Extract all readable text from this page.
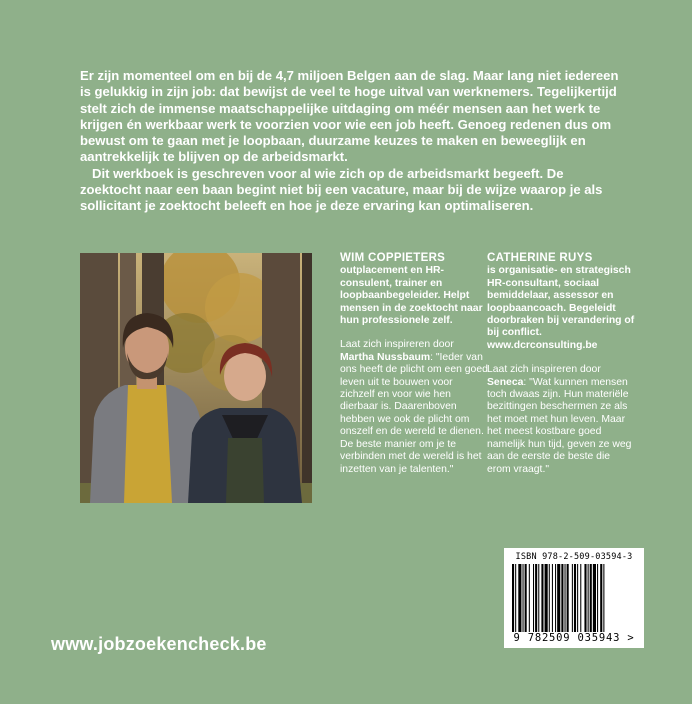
Er zijn momenteel om en bij de 4,7 miljoen Belgen aan de slag. Maar lang niet iedereen is gelukkig in zijn job: dat bewijst de veel te hoge uitval van werknemers. Tegelijkertijd stelt zich de immense maatschappelijke uitdaging om méér mensen aan het werk te krijgen én werkbaar werk te voorzien voor wie een job heeft. Genoeg redenen dus om bewust om te gaan met je loopbaan, duurzame keuzes te maken en beweeglijk en aantrekkelijk te blijven op de arbeidsmarkt.

Dit werkboek is geschreven voor al wie zich op de arbeidsmarkt begeeft. De zoektocht naar een baan begint niet bij een vacature, maar bij de wijze waarop je als sollicitant je zoektocht beleeft en hoe je deze ervaring kan optimaliseren.

WIM COPPIETERS

outplacement en HR-consulent, trainer en loopbaanbegeleider. Helpt mensen in de zoektocht naar hun professionele zelf.

Laat zich inspireren door Martha Nussbaum: "Ieder van ons heeft de plicht om een goed leven uit te bouwen voor zichzelf en voor wie hen dierbaar is. Daarenboven hebben we ook de plicht om onszelf en de wereld te dienen. De beste manier om je te verbinden met de wereld is het inzetten van je talenten."

CATHERINE RUYS

is organisatie- en strategisch HR-consultant, sociaal bemiddelaar, assessor en loopbaancoach. Begeleidt doorbraken bij verandering of bij conflict. www.dcrconsulting.be

Laat zich inspireren door Seneca: "Wat kunnen mensen toch dwaas zijn. Hun materiële bezittingen beschermen ze als het moet met hun leven. Maar het meest kostbare goed namelijk hun tijd, geven ze weg aan de eerste de beste die erom vraagt."

ISBN 978-2-509-03594-3
9 782509 035943 >
www.jobzoekencheck.be
